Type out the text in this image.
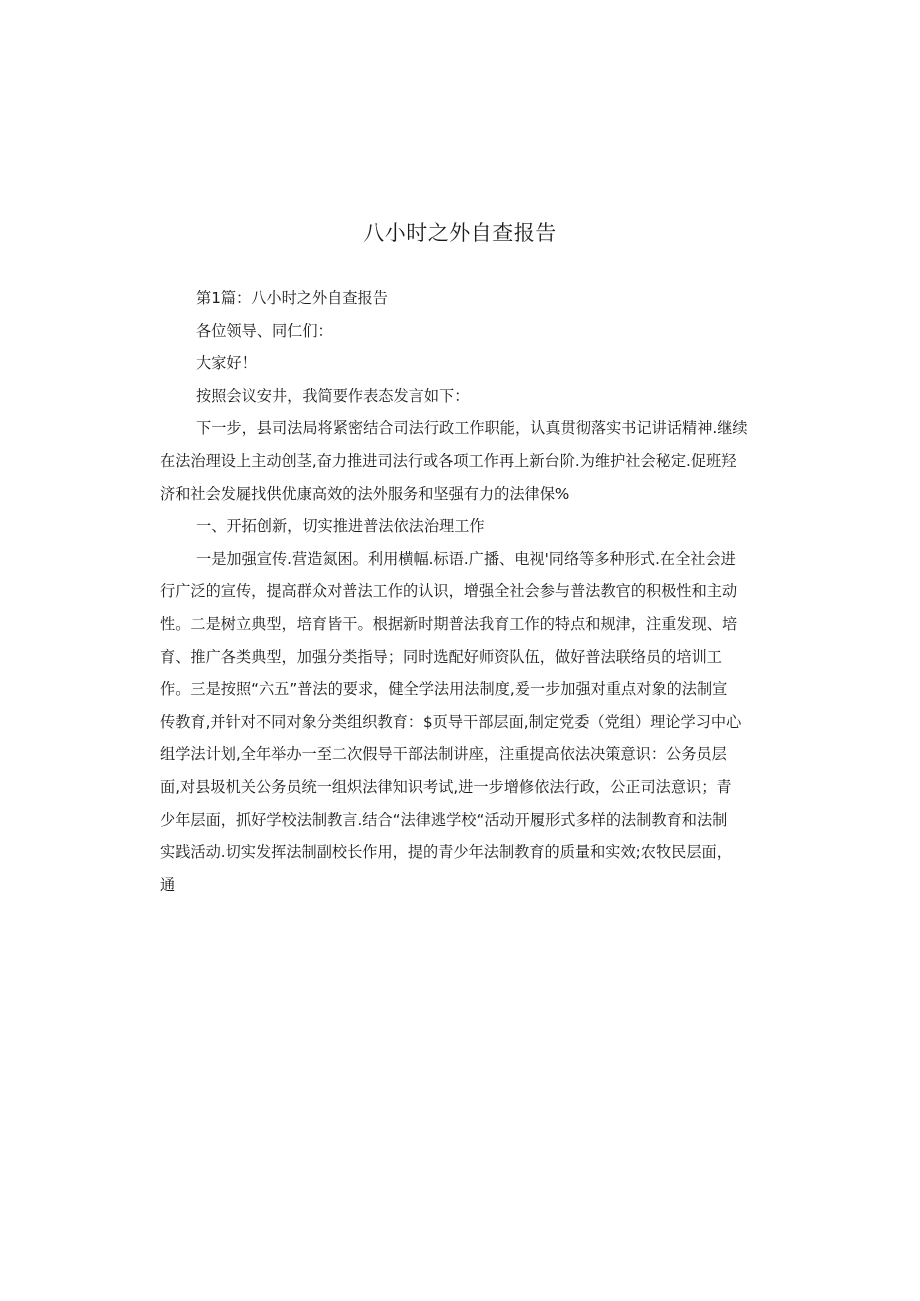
八小时之外自查报告
第1篇：八小时之外自查报告
各位领导、同仁们：
大家好！
按照会议安井，我简要作表态发言如下：
下一步，县司法局将紧密结合司法行政工作职能，认真贯彻落实书记讲话精神.继续
在法治理设上主动创茎,奋力推进司法行或各项工作再上新台阶.为维护社会秘定.促班羟
济和社会发屣找供优康高效的法外服务和坚强有力的法律保%
一、开拓创新，切实推进普法依法治理工作
一是加强宣传.营造氮困。利用横幅.标语.广播、电视'同络等多种形式.在全社会进
行广泛的宣传，提高群众对普法工作的认识，增强全社会参与普法教官的积极性和主动
性。二是树立典型，培育皆干。根据新时期普法我育工作的特点和规津，注重发现、培
育、推广各类典型，加强分类指导；同时选配好师资队伍，做好普法联络员的培训工
作。三是按照“六五”普法的要求，健全学法用法制度,爰一步加强对重点对象的法制宣
传教育,并针对不同对象分类组织教育：$页导干部层面,制定党委（党组）理论学习中心
组学法计划,全年举办一至二次假导干部法制讲座，注重提高依法决策意识：公务员层
面,对县圾机关公务员统一组炽法律知识考试,进一步增修依法行政，公正司法意识；青
少年层面，抓好学校法制教言.结合“法律逃学校“活动开履形式多样的法制教育和法制
实践活动.切实发挥法制副校长作用，提的青少年法制教育的质量和实效;农牧民层面，
通
